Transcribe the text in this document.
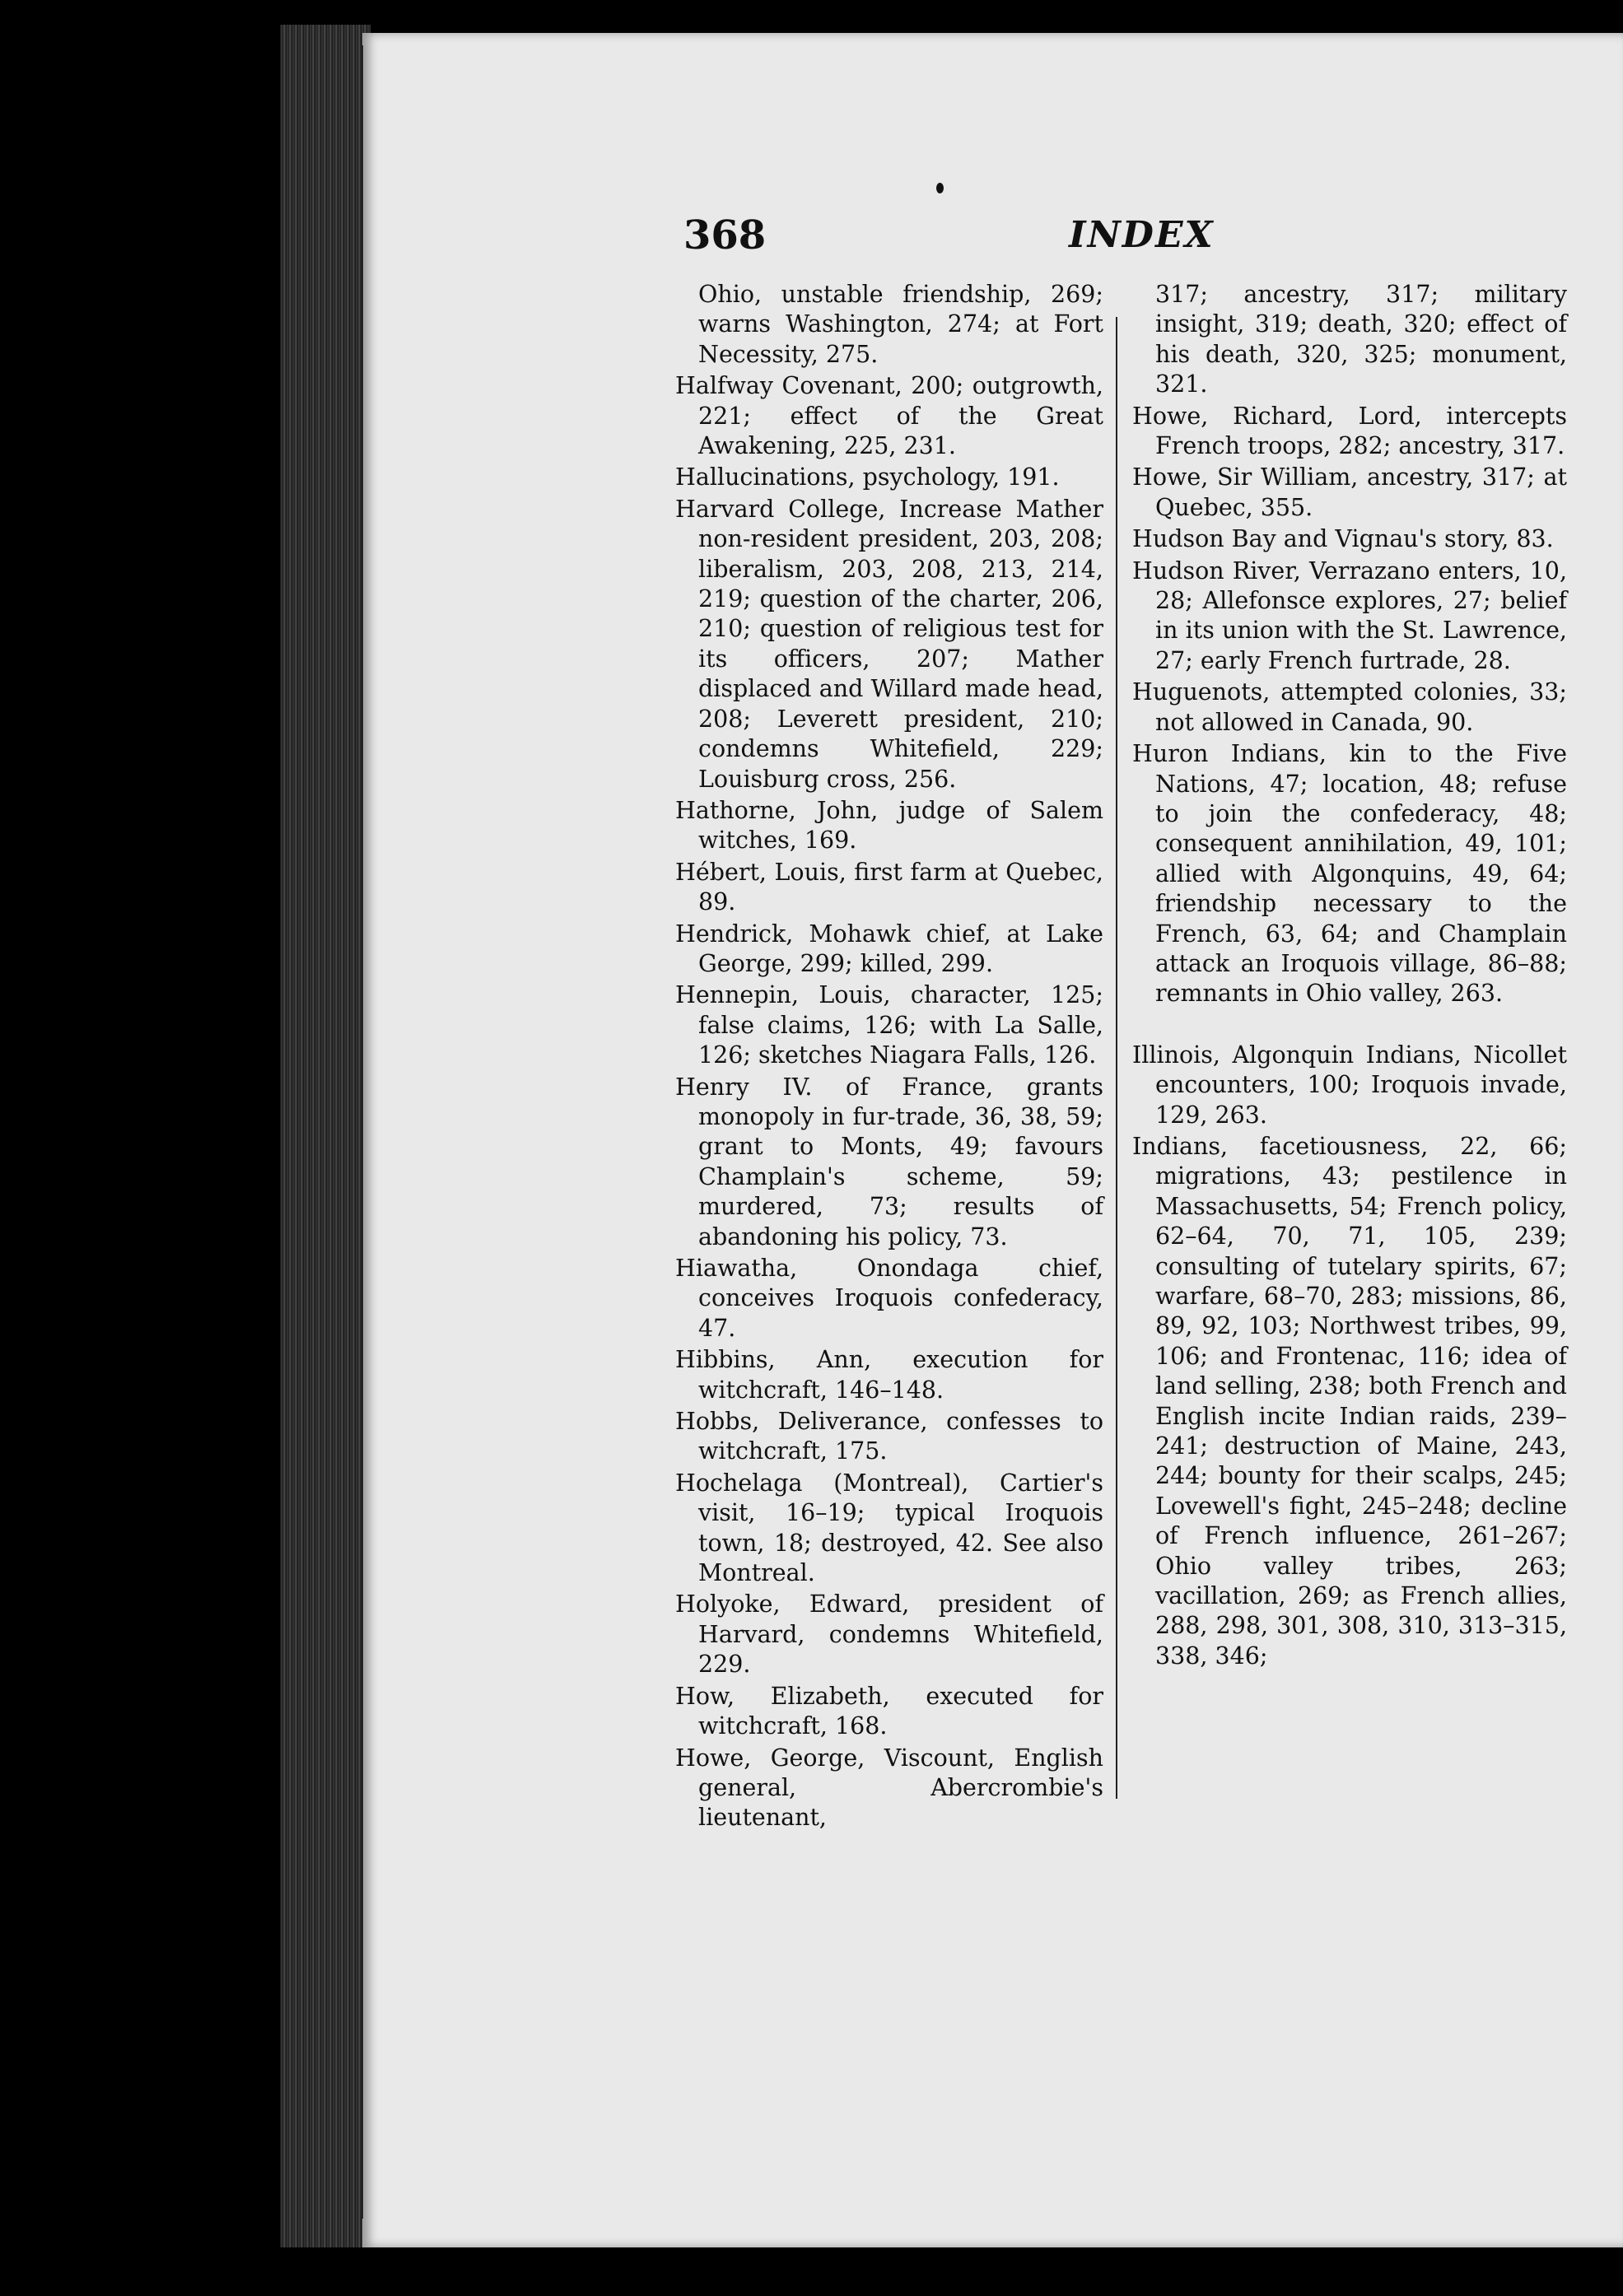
368	INDEX

Ohio, unstable friendship, 269; warns Washington, 274; at Fort Necessity, 275.

Halfway Covenant, 200; outgrowth, 221; effect of the Great Awakening, 225, 231.

Hallucinations, psychology, 191.

Harvard College, Increase Mather non-resident president, 203, 208; liberalism, 203, 208, 213, 214, 219; question of the charter, 206, 210; question of religious test for its officers, 207; Mather displaced and Willard made head, 208; Leverett president, 210; condemns Whitefield, 229; Louisburg cross, 256.

Hathorne, John, judge of Salem witches, 169.

Hébert, Louis, first farm at Quebec, 89.

Hendrick, Mohawk chief, at Lake George, 299; killed, 299.

Hennepin, Louis, character, 125; false claims, 126; with La Salle, 126; sketches Niagara Falls, 126.

Henry IV. of France, grants monopoly in fur-trade, 36, 38, 59; grant to Monts, 49; favours Champlain's scheme, 59; murdered, 73; results of abandoning his policy, 73.

Hiawatha, Onondaga chief, conceives Iroquois confederacy, 47.

Hibbins, Ann, execution for witchcraft, 146–148.

Hobbs, Deliverance, confesses to witchcraft, 175.

Hochelaga (Montreal), Cartier's visit, 16–19; typical Iroquois town, 18; destroyed, 42. See also Montreal.

Holyoke, Edward, president of Harvard, condemns Whitefield, 229.

How, Elizabeth, executed for witchcraft, 168.

Howe, George, Viscount, English general, Abercrombie's lieutenant,

317; ancestry, 317; military insight, 319; death, 320; effect of his death, 320, 325; monument, 321.

Howe, Richard, Lord, intercepts French troops, 282; ancestry, 317.

Howe, Sir William, ancestry, 317; at Quebec, 355.

Hudson Bay and Vignau's story, 83.

Hudson River, Verrazano enters, 10, 28; Allefonsce explores, 27; belief in its union with the St. Lawrence, 27; early French furtrade, 28.

Huguenots, attempted colonies, 33; not allowed in Canada, 90.

Huron Indians, kin to the Five Nations, 47; location, 48; refuse to join the confederacy, 48; consequent annihilation, 49, 101; allied with Algonquins, 49, 64; friendship necessary to the French, 63, 64; and Champlain attack an Iroquois village, 86–88; remnants in Ohio valley, 263.

Illinois, Algonquin Indians, Nicollet encounters, 100; Iroquois invade, 129, 263.

Indians, facetiousness, 22, 66; migrations, 43; pestilence in Massachusetts, 54; French policy, 62–64, 70, 71, 105, 239; consulting of tutelary spirits, 67; warfare, 68–70, 283; missions, 86, 89, 92, 103; Northwest tribes, 99, 106; and Frontenac, 116; idea of land selling, 238; both French and English incite Indian raids, 239–241; destruction of Maine, 243, 244; bounty for their scalps, 245; Lovewell's fight, 245–248; decline of French influence, 261–267; Ohio valley tribes, 263; vacillation, 269; as French allies, 288, 298, 301, 308, 310, 313–315, 338, 346;
